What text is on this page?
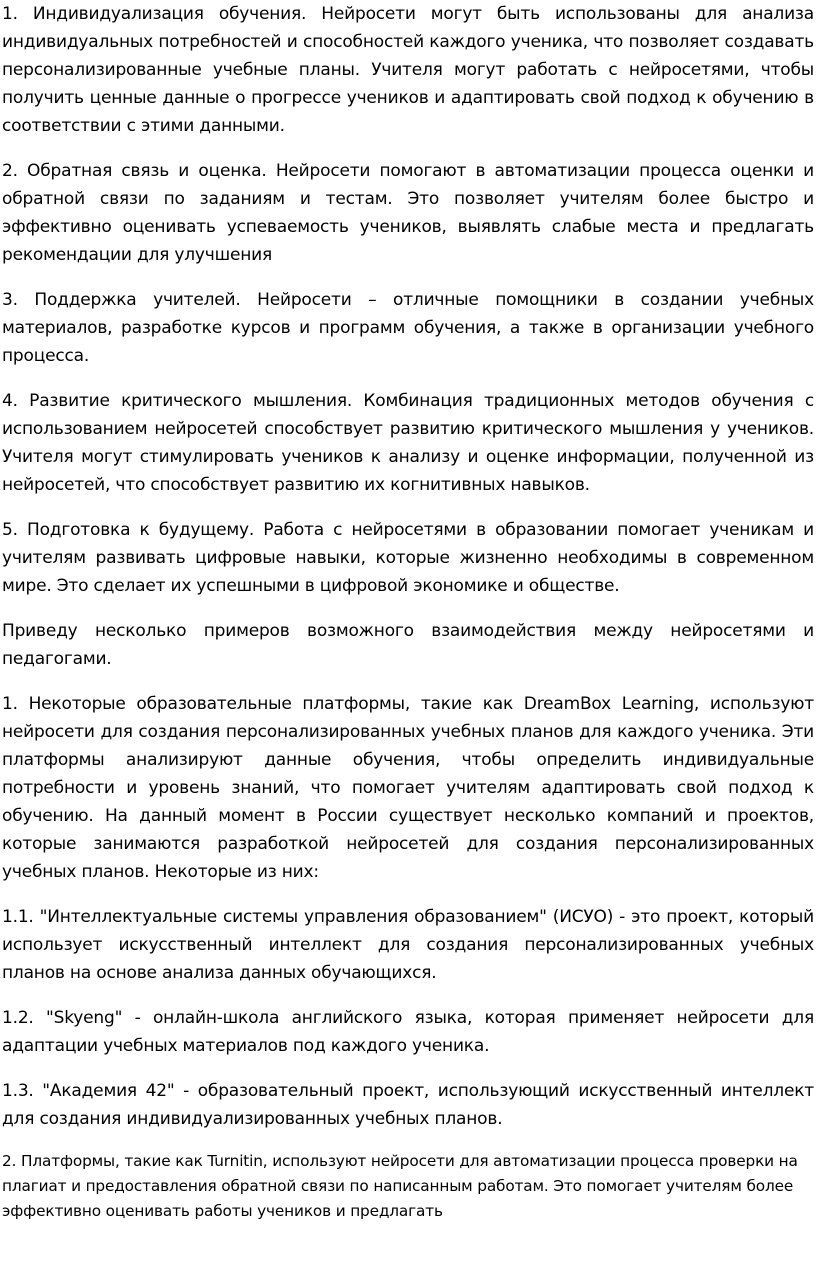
1. Индивидуализация обучения. Нейросети могут быть использованы для анализа индивидуальных потребностей и способностей каждого ученика, что позволяет создавать персонализированные учебные планы. Учителя могут работать с нейросетями, чтобы получить ценные данные о прогрессе учеников и адаптировать свой подход к обучению в соответствии с этими данными.

2. Обратная связь и оценка. Нейросети помогают в автоматизации процесса оценки и обратной связи по заданиям и тестам. Это позволяет учителям более быстро и эффективно оценивать успеваемость учеников, выявлять слабые места и предлагать рекомендации для улучшения

3. Поддержка учителей. Нейросети – отличные помощники в создании учебных материалов, разработке курсов и программ обучения, а также в организации учебного процесса.

4. Развитие критического мышления. Комбинация традиционных методов обучения с использованием нейросетей способствует развитию критического мышления у учеников. Учителя могут стимулировать учеников к анализу и оценке информации, полученной из нейросетей, что способствует развитию их когнитивных навыков.

5. Подготовка к будущему. Работа с нейросетями в образовании помогает ученикам и учителям развивать цифровые навыки, которые жизненно необходимы в современном мире. Это сделает их успешными в цифровой экономике и обществе.

Приведу несколько примеров возможного взаимодействия между нейросетями и педагогами.

1. Некоторые образовательные платформы, такие как DreamBox Learning, используют нейросети для создания персонализированных учебных планов для каждого ученика. Эти платформы анализируют данные обучения, чтобы определить индивидуальные потребности и уровень знаний, что помогает учителям адаптировать свой подход к обучению. На данный момент в России существует несколько компаний и проектов, которые занимаются разработкой нейросетей для создания персонализированных учебных планов. Некоторые из них:

1.1. "Интеллектуальные системы управления образованием" (ИСУО) - это проект, который использует искусственный интеллект для создания персонализированных учебных планов на основе анализа данных обучающихся.

1.2. "Skyeng" - онлайн-школа английского языка, которая применяет нейросети для адаптации учебных материалов под каждого ученика.

1.3. "Академия 42" - образовательный проект, использующий искусственный интеллект для создания индивидуализированных учебных планов.

2. Платформы, такие как Turnitin, используют нейросети для автоматизации процесса проверки на плагиат и предоставления обратной связи по написанным работам. Это помогает учителям более эффективно оценивать работы учеников и предлагать
